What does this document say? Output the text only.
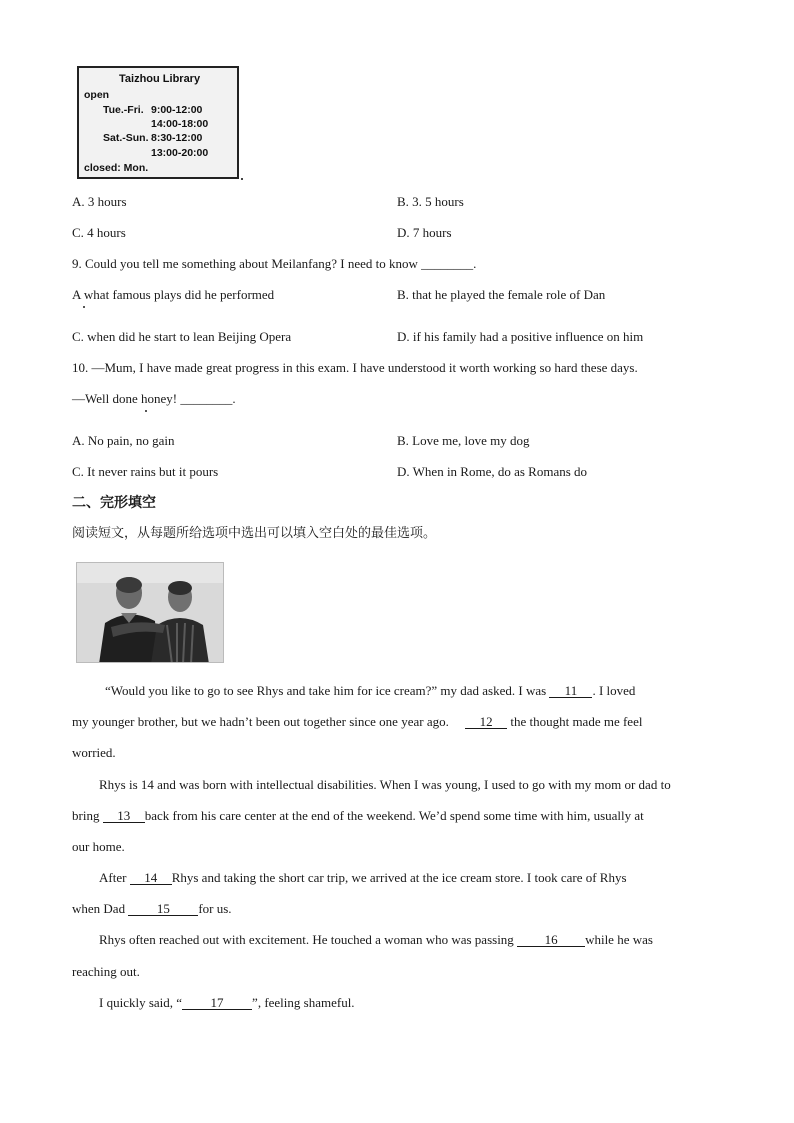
Taizhou Library
open
Tue.-Fri. 9:00-12:00
14:00-18:00
Sat.-Sun. 8:30-12:00
13:00-20:00
closed: Mon.
A. 3 hours	B. 3. 5 hours
C. 4 hours	D. 7 hours
9. Could you tell me something about Meilanfang? I need to know ________.
A what famous plays did he performed	B. that he played the female role of Dan
C. when did he start to lean Beijing Opera	D. if his family had a positive influence on him
10. —Mum, I have made great progress in this exam. I have understood it worth working so hard these days.
—Well done honey! ________.
A. No pain, no gain	B. Love me, love my dog
C. It never rains but it pours	D. When in Rome, do as Romans do
二、完形填空
阅读短文，从每题所给选项中选出可以填入空白处的最佳选项。
“Would you like to go to see Rhys and take him for ice cream?” my dad asked. I was 11 . I loved
my younger brother, but we hadn’t been out together since one year ago. 12 the thought made me feel
worried.
Rhys is 14 and was born with intellectual disabilities. When I was young, I used to go with my mom or dad to
bring 13 back from his care center at the end of the weekend. We’d spend some time with him, usually at
our home.
After 14 Rhys and taking the short car trip, we arrived at the ice cream store. I took care of Rhys
when Dad 15 for us.
Rhys often reached out with excitement. He touched a woman who was passing 16 while he was
reaching out.
I quickly said, “ 17 ”, feeling shameful.
